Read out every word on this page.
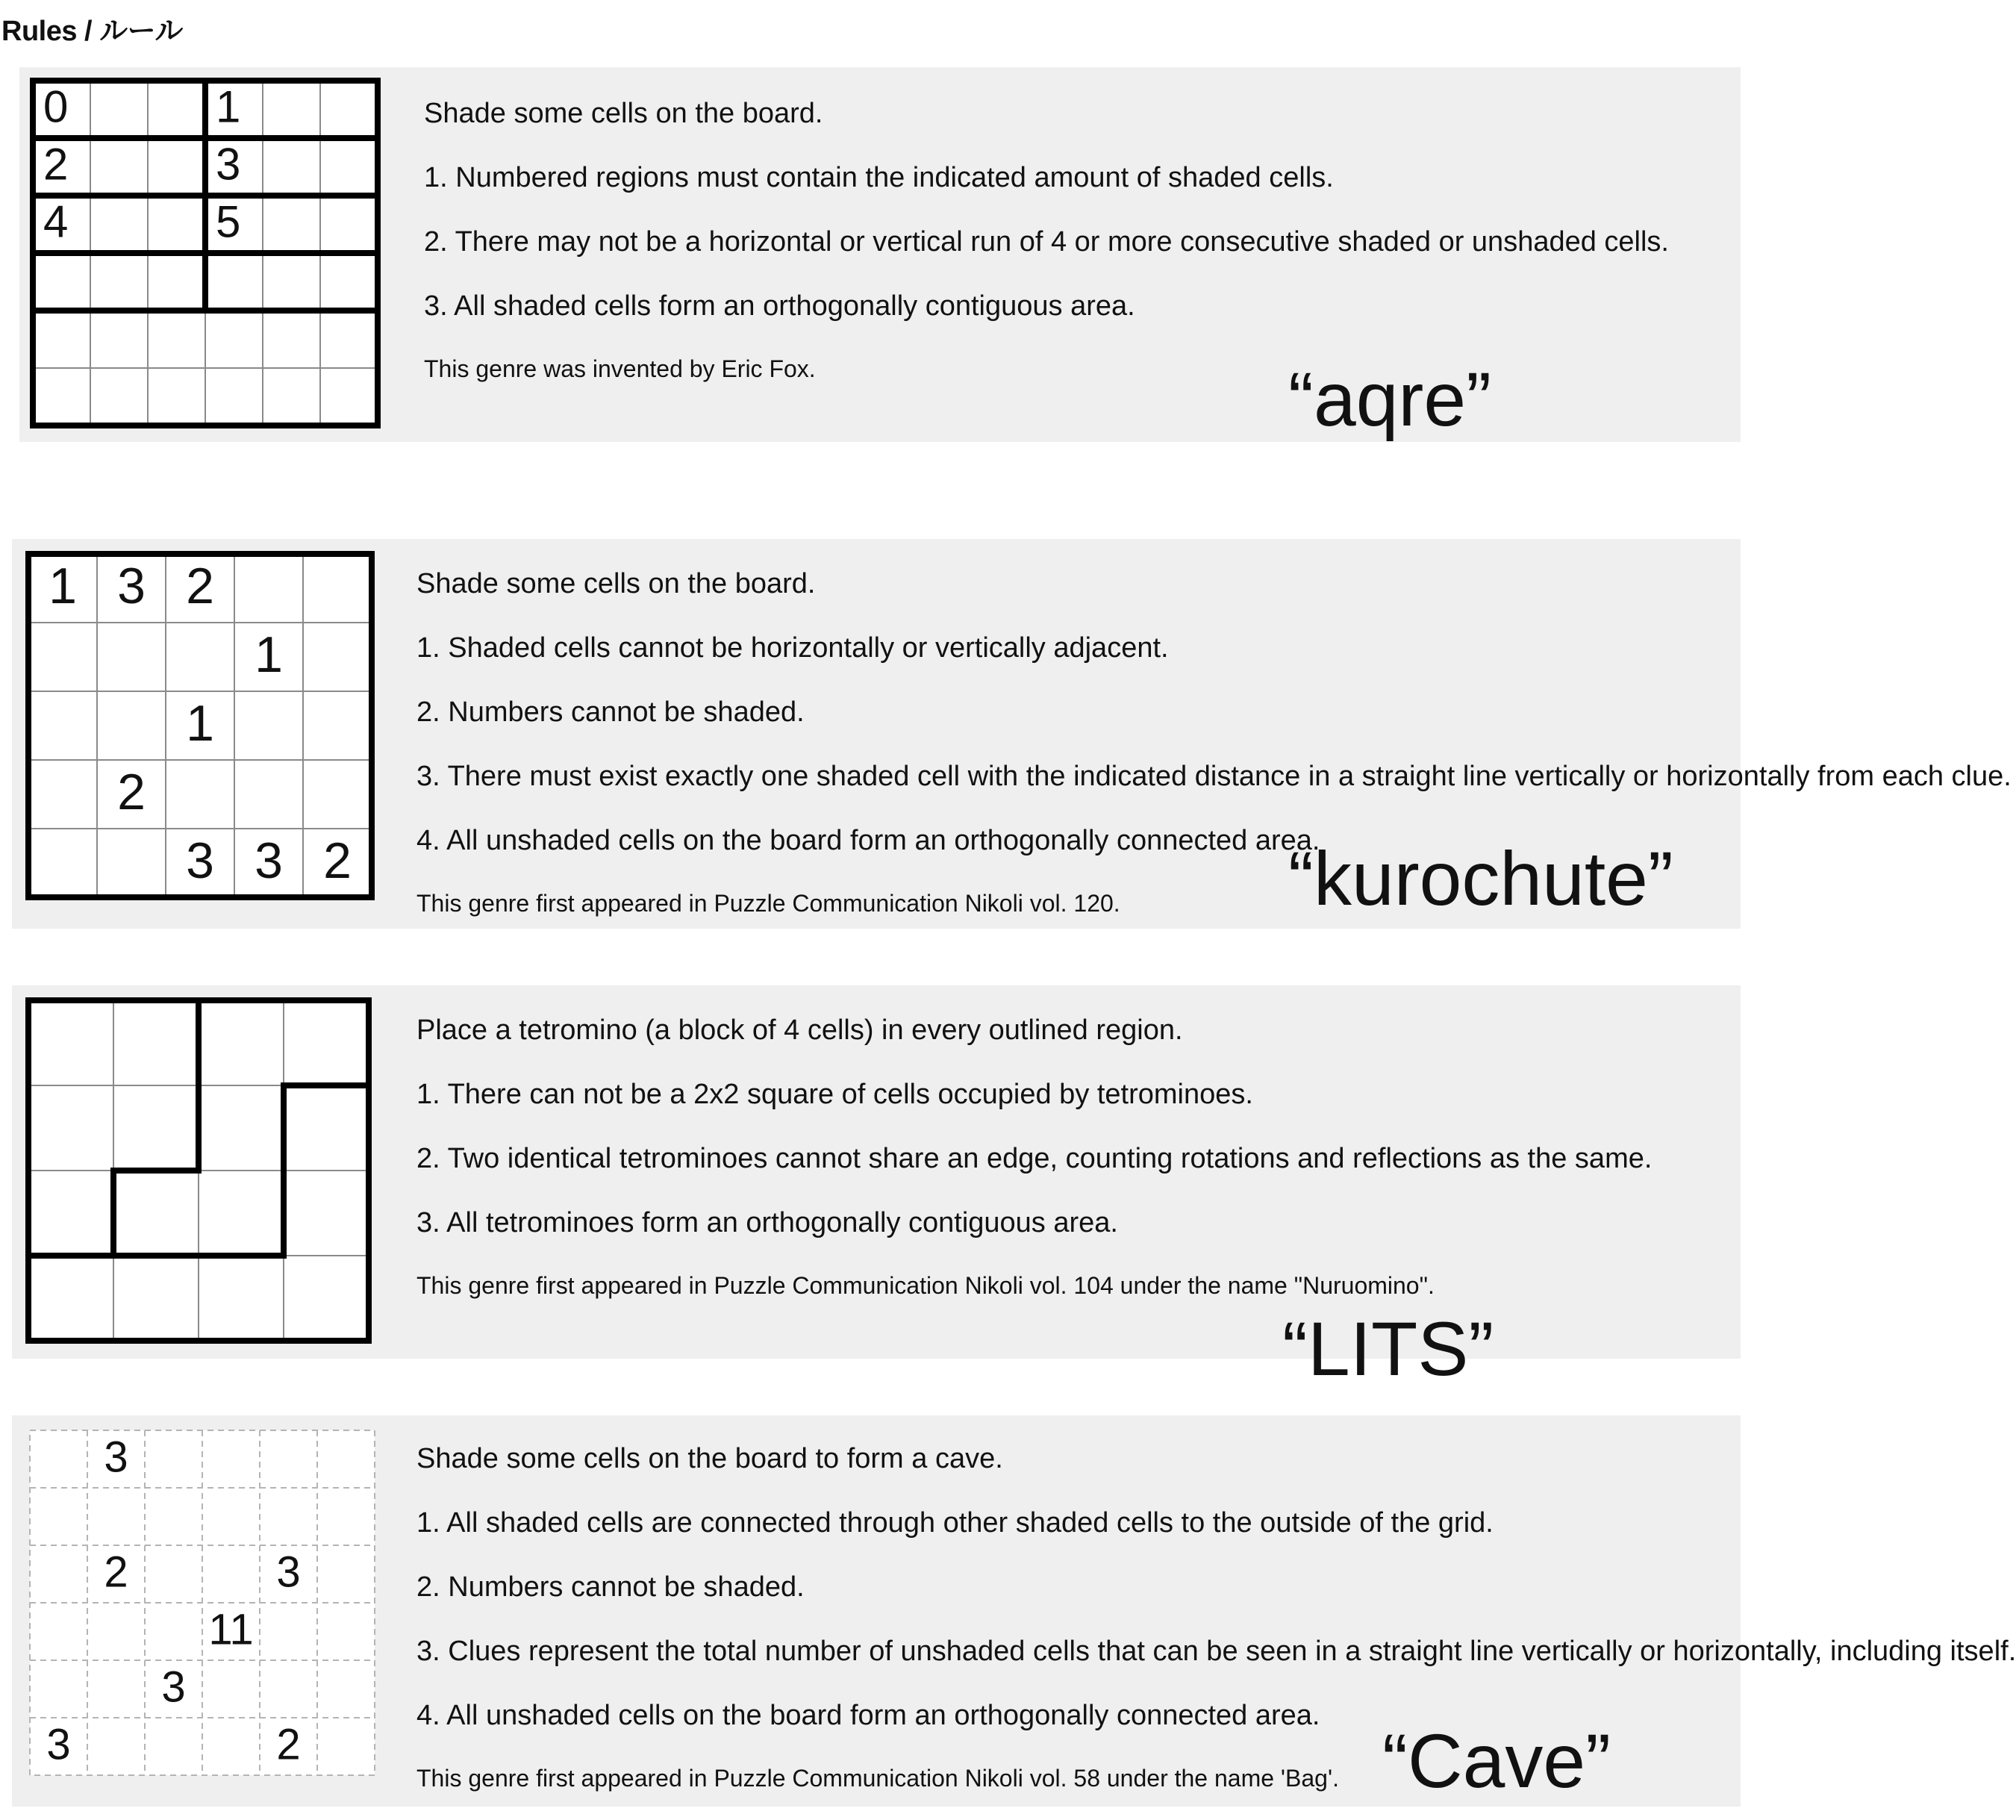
Rules / ルール
0	1
2	3
4	5
Shade some cells on the board.
1. Numbered regions must contain the indicated amount of shaded cells.
2. There may not be a horizontal or vertical run of 4 or more consecutive shaded or unshaded cells.
3. All shaded cells form an orthogonally contiguous area.
This genre was invented by Eric Fox.	“aqre”
1 3 2
1
1
2
3 3 2
Shade some cells on the board.
1. Shaded cells cannot be horizontally or vertically adjacent.
2. Numbers cannot be shaded.
3. There must exist exactly one shaded cell with the indicated distance in a straight line vertically or horizontally from each clue.
4. All unshaded cells on the board form an orthogonally connected area.
This genre first appeared in Puzzle Communication Nikoli vol. 120. “kurochute”
Place a tetromino (a block of 4 cells) in every outlined region.
1. There can not be a 2x2 square of cells occupied by tetrominoes.
2. Two identical tetrominoes cannot share an edge, counting rotations and reflections as the same.
3. All tetrominoes form an orthogonally contiguous area.
This genre first appeared in Puzzle Communication Nikoli vol. 104 under the name "Nuruomino".
“LITS”
3
2	3
11
3
3	2
Shade some cells on the board to form a cave.
1. All shaded cells are connected through other shaded cells to the outside of the grid.
2. Numbers cannot be shaded.
3. Clues represent the total number of unshaded cells that can be seen in a straight line vertically or horizontally, including itself.
4. All unshaded cells on the board form an orthogonally connected area.
This genre first appeared in Puzzle Communication Nikoli vol. 58 under the name 'Bag'. “Cave”
